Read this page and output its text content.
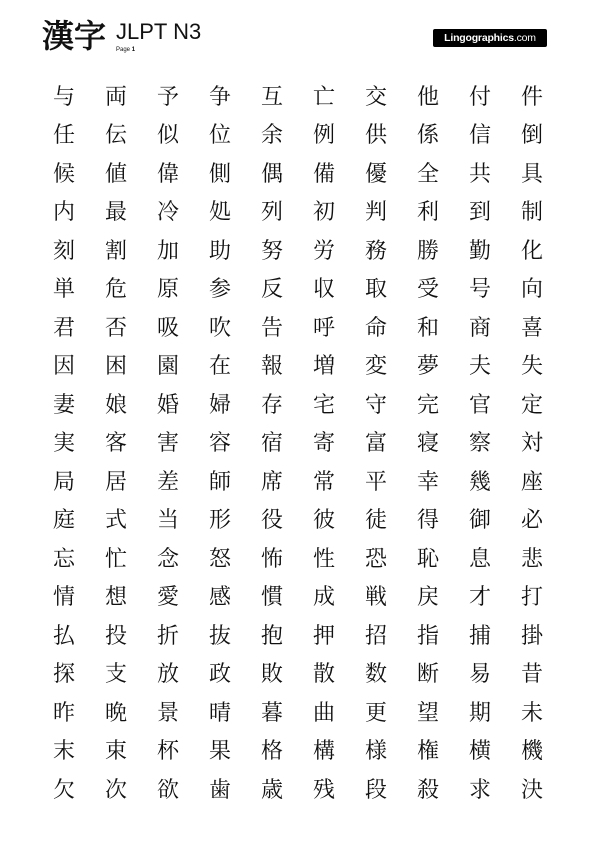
漢字 JLPT N3
Page 1
Lingographics .com
与	両	予	争	互	亡	交	他	付	件
任	伝	似	位	余	例	供	係	信	倒
候	値	偉	側	偶	備	優	全	共	具
内	最	冷	処	列	初	判	利	到	制
刻	割	加	助	努	労	務	勝	勤	化
単	危	原	参	反	収	取	受	号	向
君	否	吸	吹	告	呼	命	和	商	喜
因	困	園	在	報	増	変	夢	夫	失
妻	娘	婚	婦	存	宅	守	完	官	定
実	客	害	容	宿	寄	富	寝	察	対
局	居	差	師	席	常	平	幸	幾	座
庭	式	当	形	役	彼	徒	得	御	必
忘	忙	念	怒	怖	性	恐	恥	息	悲
情	想	愛	感	慣	成	戦	戻	才	打
払	投	折	抜	抱	押	招	指	捕	掛
探	支	放	政	敗	散	数	断	易	昔
昨	晩	景	晴	暮	曲	更	望	期	未
末	束	杯	果	格	構	様	権	横	機
欠	次	欲	歯	歳	残	段	殺	求	決
